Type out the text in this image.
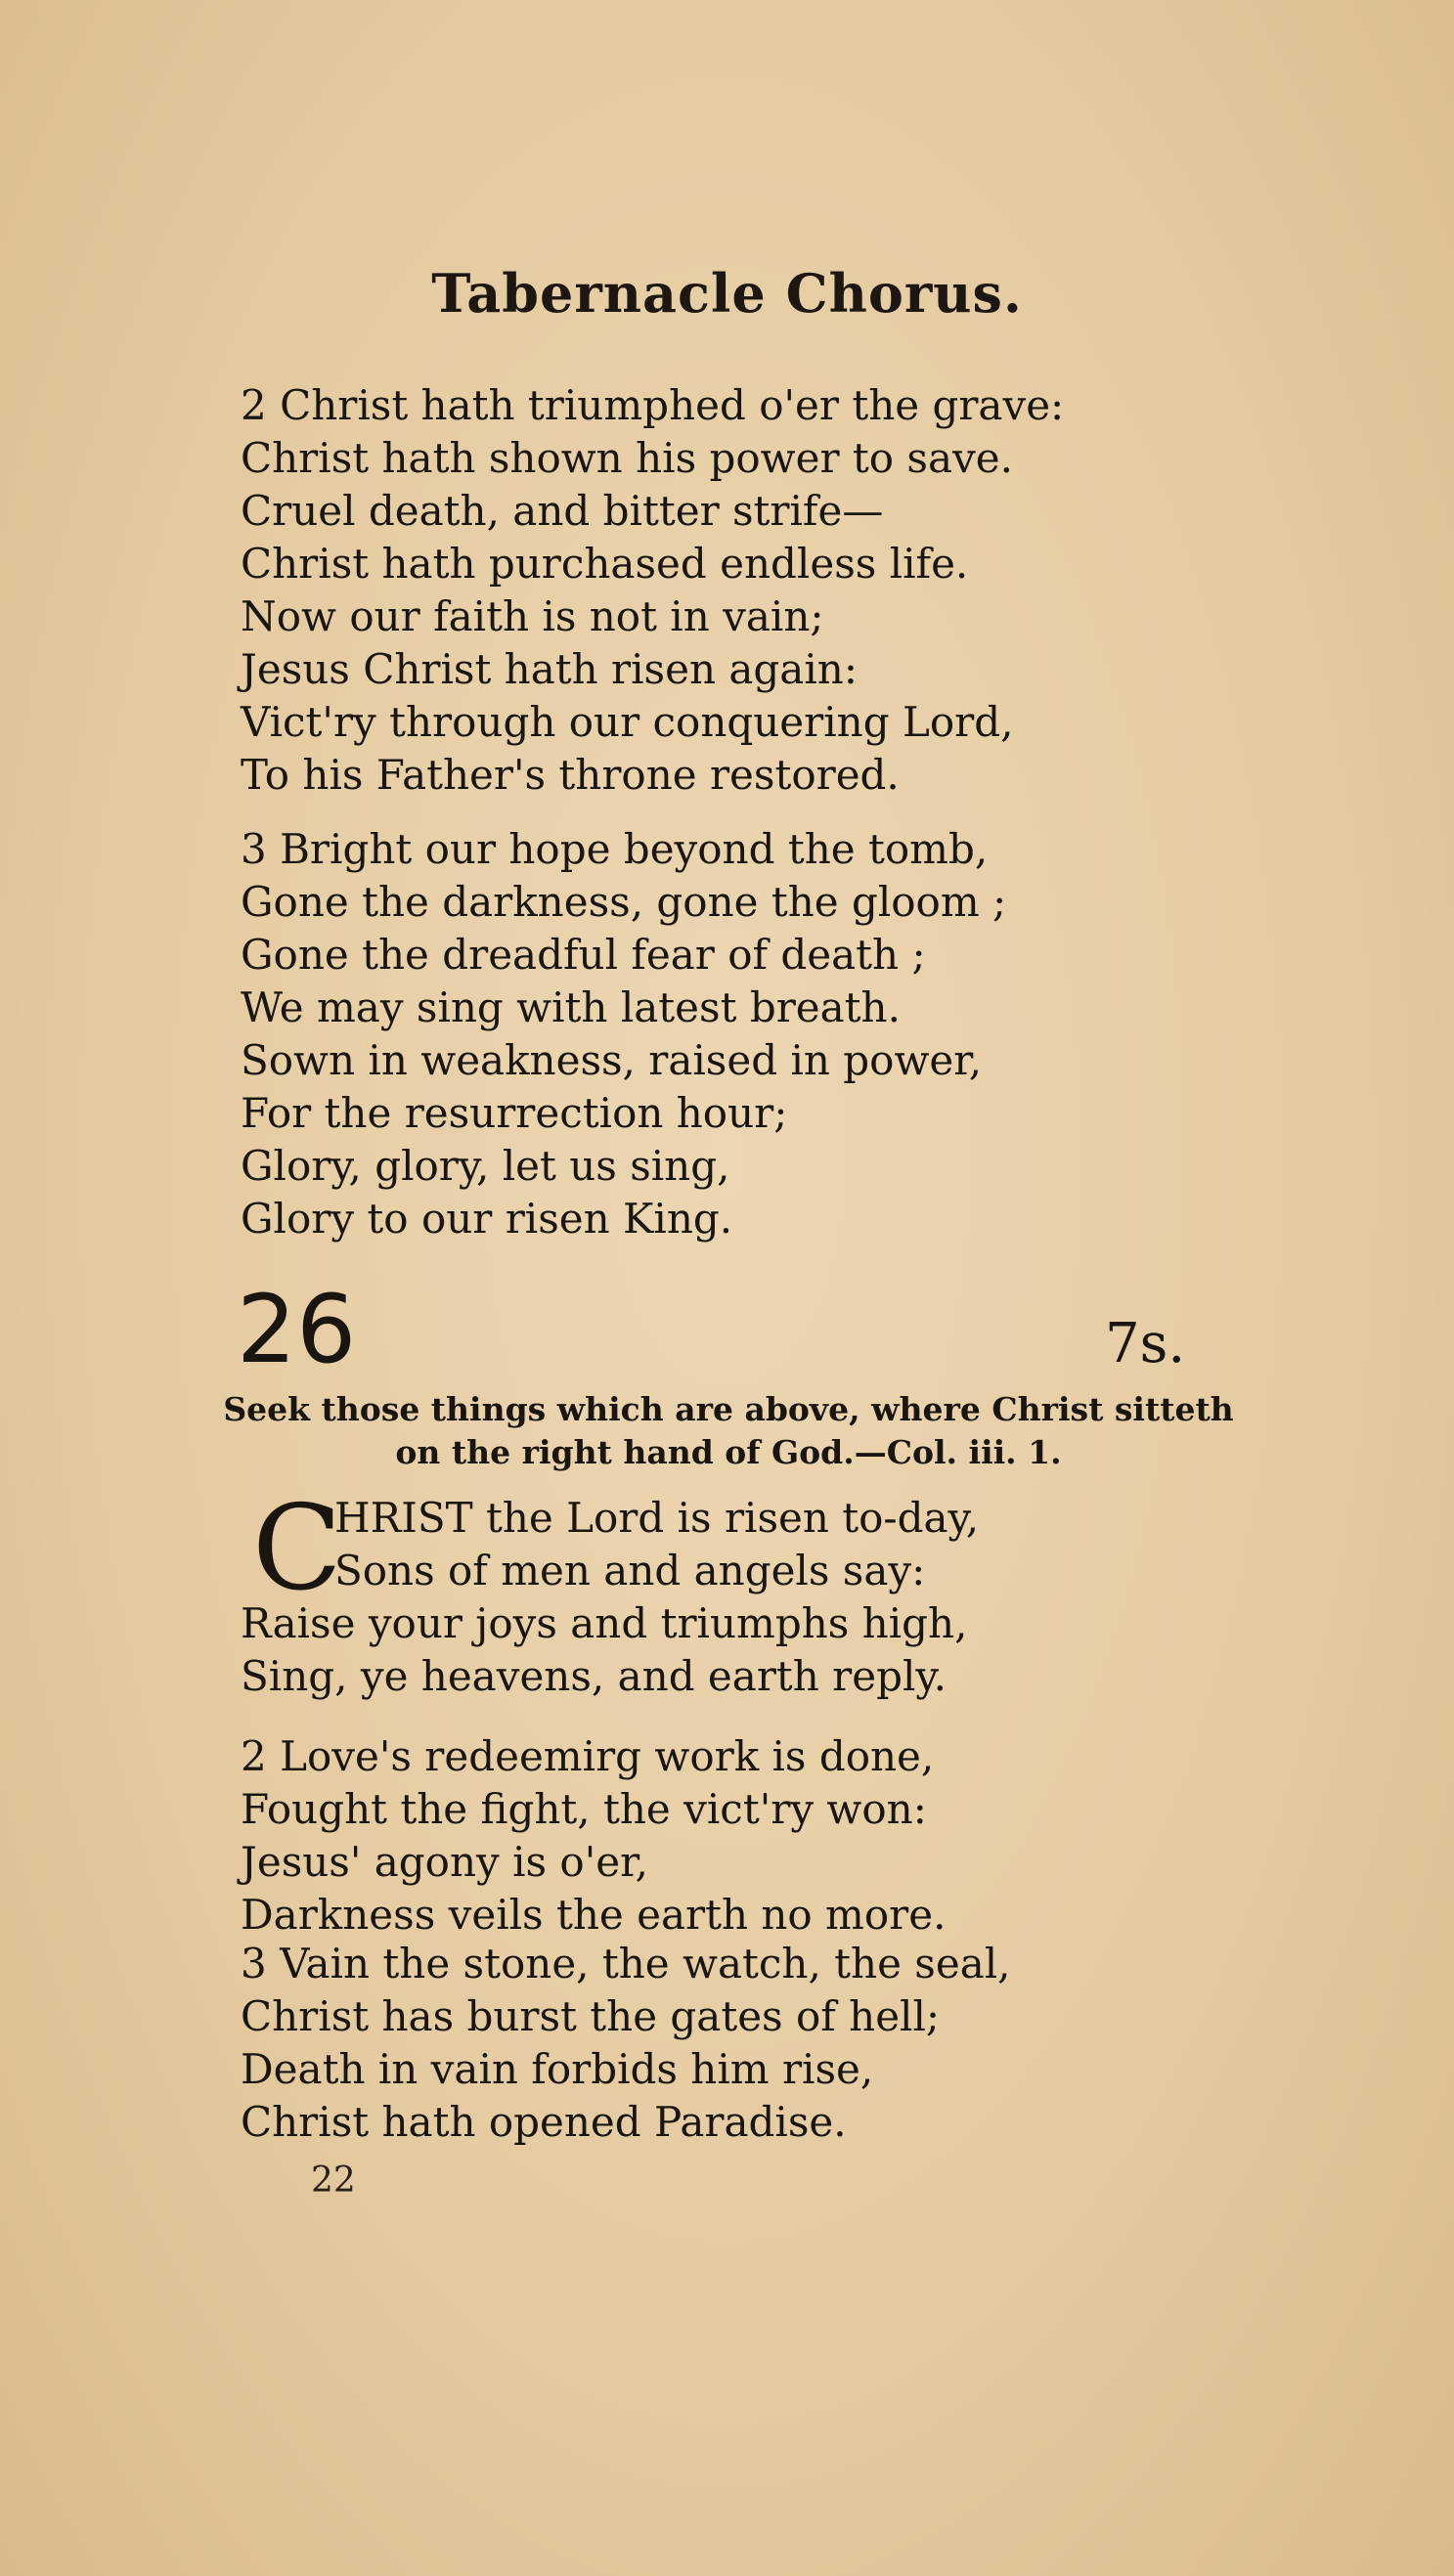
Tabernacle Chorus.
2 Christ hath triumphed o'er the grave:
Christ hath shown his power to save.
Cruel death, and bitter strife—
Christ hath purchased endless life.
Now our faith is not in vain;
Jesus Christ hath risen again:
Vict'ry through our conquering Lord,
To his Father's throne restored.
3 Bright our hope beyond the tomb,
Gone the darkness, gone the gloom ;
Gone the dreadful fear of death ;
We may sing with latest breath.
Sown in weakness, raised in power,
For the resurrection hour;
Glory, glory, let us sing,
Glory to our risen King.
26	7s.
Seek those things which are above, where Christ sitteth
on the right hand of God.—Col. iii. 1.
C
HRIST the Lord is risen to-day,
Sons of men and angels say:
Raise your joys and triumphs high,
Sing, ye heavens, and earth reply.
2 Love's redeemirg work is done,
Fought the fight, the vict'ry won:
Jesus' agony is o'er,
Darkness veils the earth no more.
3 Vain the stone, the watch, the seal,
Christ has burst the gates of hell;
Death in vain forbids him rise,
Christ hath opened Paradise.
22
